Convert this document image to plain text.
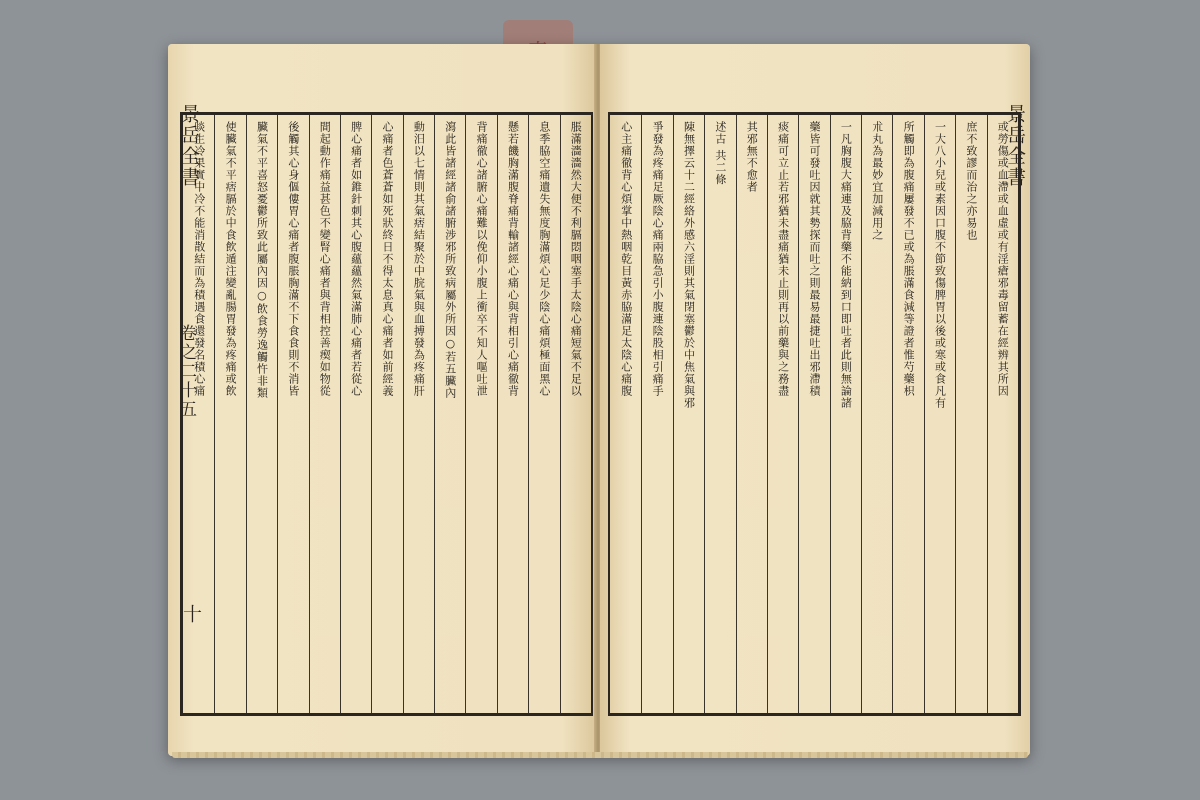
景岳全書
卷之二十五
十
啖生冷果實中冷不能消散結而為積遇食還發名積心痛	使臟氣不平痞膈於中食飲遁注變亂腸胃發為疼痛或飲	臟氣不平喜怒憂鬱所致此屬內因○飲食勞逸觸忤非類	後觸其心身傴僂胃心痛者腹脹胸滿不下食食則不消皆	間起動作痛益甚色不變腎心痛者與背相控善瘈如物從	脾心痛者如錐針刺其心腹蘊蘊然氣滿肺心痛者若從心	心痛者色蒼蒼如死狀終日不得太息真心痛者如前經義	動汨以七情則其氣痞結聚於中脘氣與血搏發為疼痛肝	瀉此皆諸經諸俞諸腑涉邪所致病屬外所因○若五臟內	背痛徹心諸腑心痛難以俛仰小腹上衝卒不知人嘔吐泄	懸若饑胸滿腹脊痛背輸諸經心痛心與背相引心痛徹背	息季脇空痛遺失無度胸滿煩心足少陰心痛煩極面黑心	脹滿濇濇然大便不利膈悶咽塞手太陰心痛短氣不足以	景岳全書
心主痛徹背心煩掌中熱咽乾目黃赤脇滿足太陰心痛腹	爭發為疼痛足厥陰心痛兩脇急引小腹連陰股相引痛手	陳無擇云十二經絡外感六淫則其氣閉塞鬱於中焦氣與邪	述古 共二條	其邪無不愈者	痰痛可立止若邪猶未盡痛猶未止則再以前藥與之務盡	藥皆可發吐因就其勢探而吐之則最易最捷吐出邪滯積	一凡胸腹大痛連及脇背藥不能納到口即吐者此則無論諸	朮丸為最妙宜加減用之	所觸即為腹痛屢發不已或為脹滿食減等證者惟芍藥枳	一大八小兒或素因口腹不節致傷脾胃以後或寒或食凡有	庶不致謬而治之亦易也	或勞傷或血滯或血虛或有淫瘡邪毒留蓄在經辨其所因
